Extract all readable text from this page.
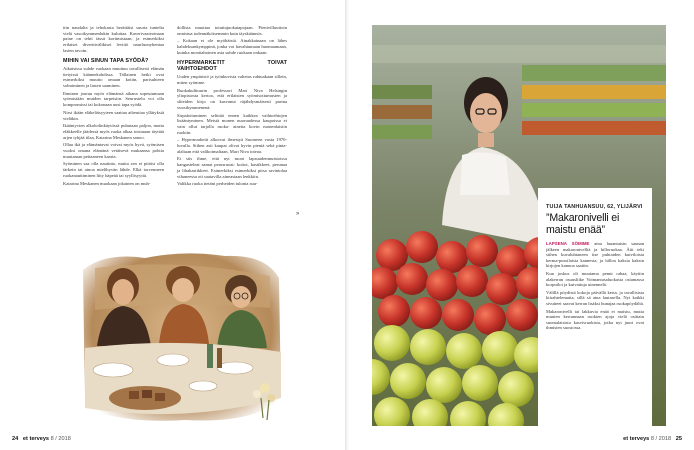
tiin naudalta ja tehokasta herättäisi suuria tuntelta vielä vasoikymmenlukin kuluttaa. Kaverivaateotnaan paine on tehti tässä kortimistaan, ja esimerkiksi erilaiset diverttivälikiset levittö naurluonyhentaa lasten tavoin.

MIHIN VAI SINUN TAPA SYÖDÄ?

Aikaisissa suhde ruokaan muuttuu tavallisesti elämän tietyissä käännekohdissa. Tällainen hetki ovat esimerkiksi muutto omaan kotiin, parisuhteen solmiminen ja lasten saaminen.

Ihminen joutuu myös elämänsä aikana sopeutumaan syömisiään muiden tarpeisiin. Seurustelu voi olla kompromissi tai kokonaan uusi tapa syödä.

Nirsi ikään eläkeläisyyteen saattaa aiheuttaa yllätyksiä vieläkin.

Ikääntyvien alkoholinkäytössä puhutaan paljon, mutta eläkkeelle jäädessä myös ruoka alkaa toistuaan täyttää arjen tyhjää tilaa, Katarina Meskanen sanoo.

Ollaa ikä ja elämäntavat voivat myös hyvä, syömisen vuoksi omana elämänä vetäisevä mukaansa pohtia muutaman pettaaneen kaarta.

Syöminen saa olla nautinto, mutta sen ei pitäisi olla tärkein tai ainoa mielihyvän lähde. Elkä torvenneen ruokanauttiminen liity häpeää tai syyllisyyttä.

Katarina Meskanen muokaan jokainen on muh-

dollista muuttaa totuttujuokatapojaan. Pienivilluutioin onnistua todennäköisemmin kuin täyskäännös.

– Kokaan ei ole myöhäistä. Ainakkainaan on lähes kahdeksankymppinä, jonka voi havahtumaan huomaamaan, kuinka monitahoinen asia suhde ruokaan onkaan.

HYPERMARKETIT TOIVAT VAIHTOEHDOT

Uuden ympäristö ja työnkuvista valtetas ruhtuakaan sillein, miten syömme.

Ruokakulttuurin professori Mari Niva Helsingin yliopistosta kertoo, että erilaisten syömisottumusten ja sliteiden kirjo on kasvanut räjähdysmäisesti parina vuosikymmenenä.

Sirpaloituminen selittää ennen kaikkea vaihtoehtojen lisääntyminen. Meistä monen nuoruudessa kaupoissa ei vain ollut tarjolla ruoka- ainetta kovin monenlaisiin ruokiin.

– Hypermarketit alkoivat ilmestyä Suomeen vasta 1970- luvulla. Siihen asti kaupat olivat hyvin pieniä sekä pinta-alaltaan että valikoimaltaan, Mari Niva toteaa.

Ei siis ihme, että nyt moni lapsuudenmuistoissa kangasteleat samat perusruoat: kotiot, kastikkeet, perunaa ja lihakastikkeet. Esimerkiksi esimerkiksi pitsa ravintolaa vihaneessa ott saatavilla aineastaan lenkkiin.

Valikka ruoka tietäni perheiden tulonta suu-

»
TUIJA TANHUANSUU, 62, YLIJÄRVI
”Makaronivelli ei maistu enää”

LAPSENA SÖIMME aina lauantaisin saunan jälkeen makaronivelliä ja hilloruokaa. Äiti teki siihen kuvaluhtaneen itse puhtaiden kuiviloista kerma-pussilaisia kannesta, ja hilloa kaksia kaksin kirjojen kannoa saatiin.

Kun joskus oli muutama penni rahaa, käytiin alakerran osuusliike Voimantasaluokasta ostamassa korpuiloi ja kuivattuja uinennelä.

Välillä pöydistä kokoja päivällä kerta, ja tavallisista kiirahtelematta, sillä sä aina lautasella. Nyt kaikki sivutteet saavat kerran lisäksi hunajaa ruokapöydältä.

Makaronivelli tai lakkuvia enää ei maistu, mutta muuten kerrannaan ruokien ajoja vielä osittain suomalaisista kasvisruokista, jotka nyt juuri ovat ihmisten suosiossa.

24 et terveys 8 / 2018	et terveys 8 / 2018 25
